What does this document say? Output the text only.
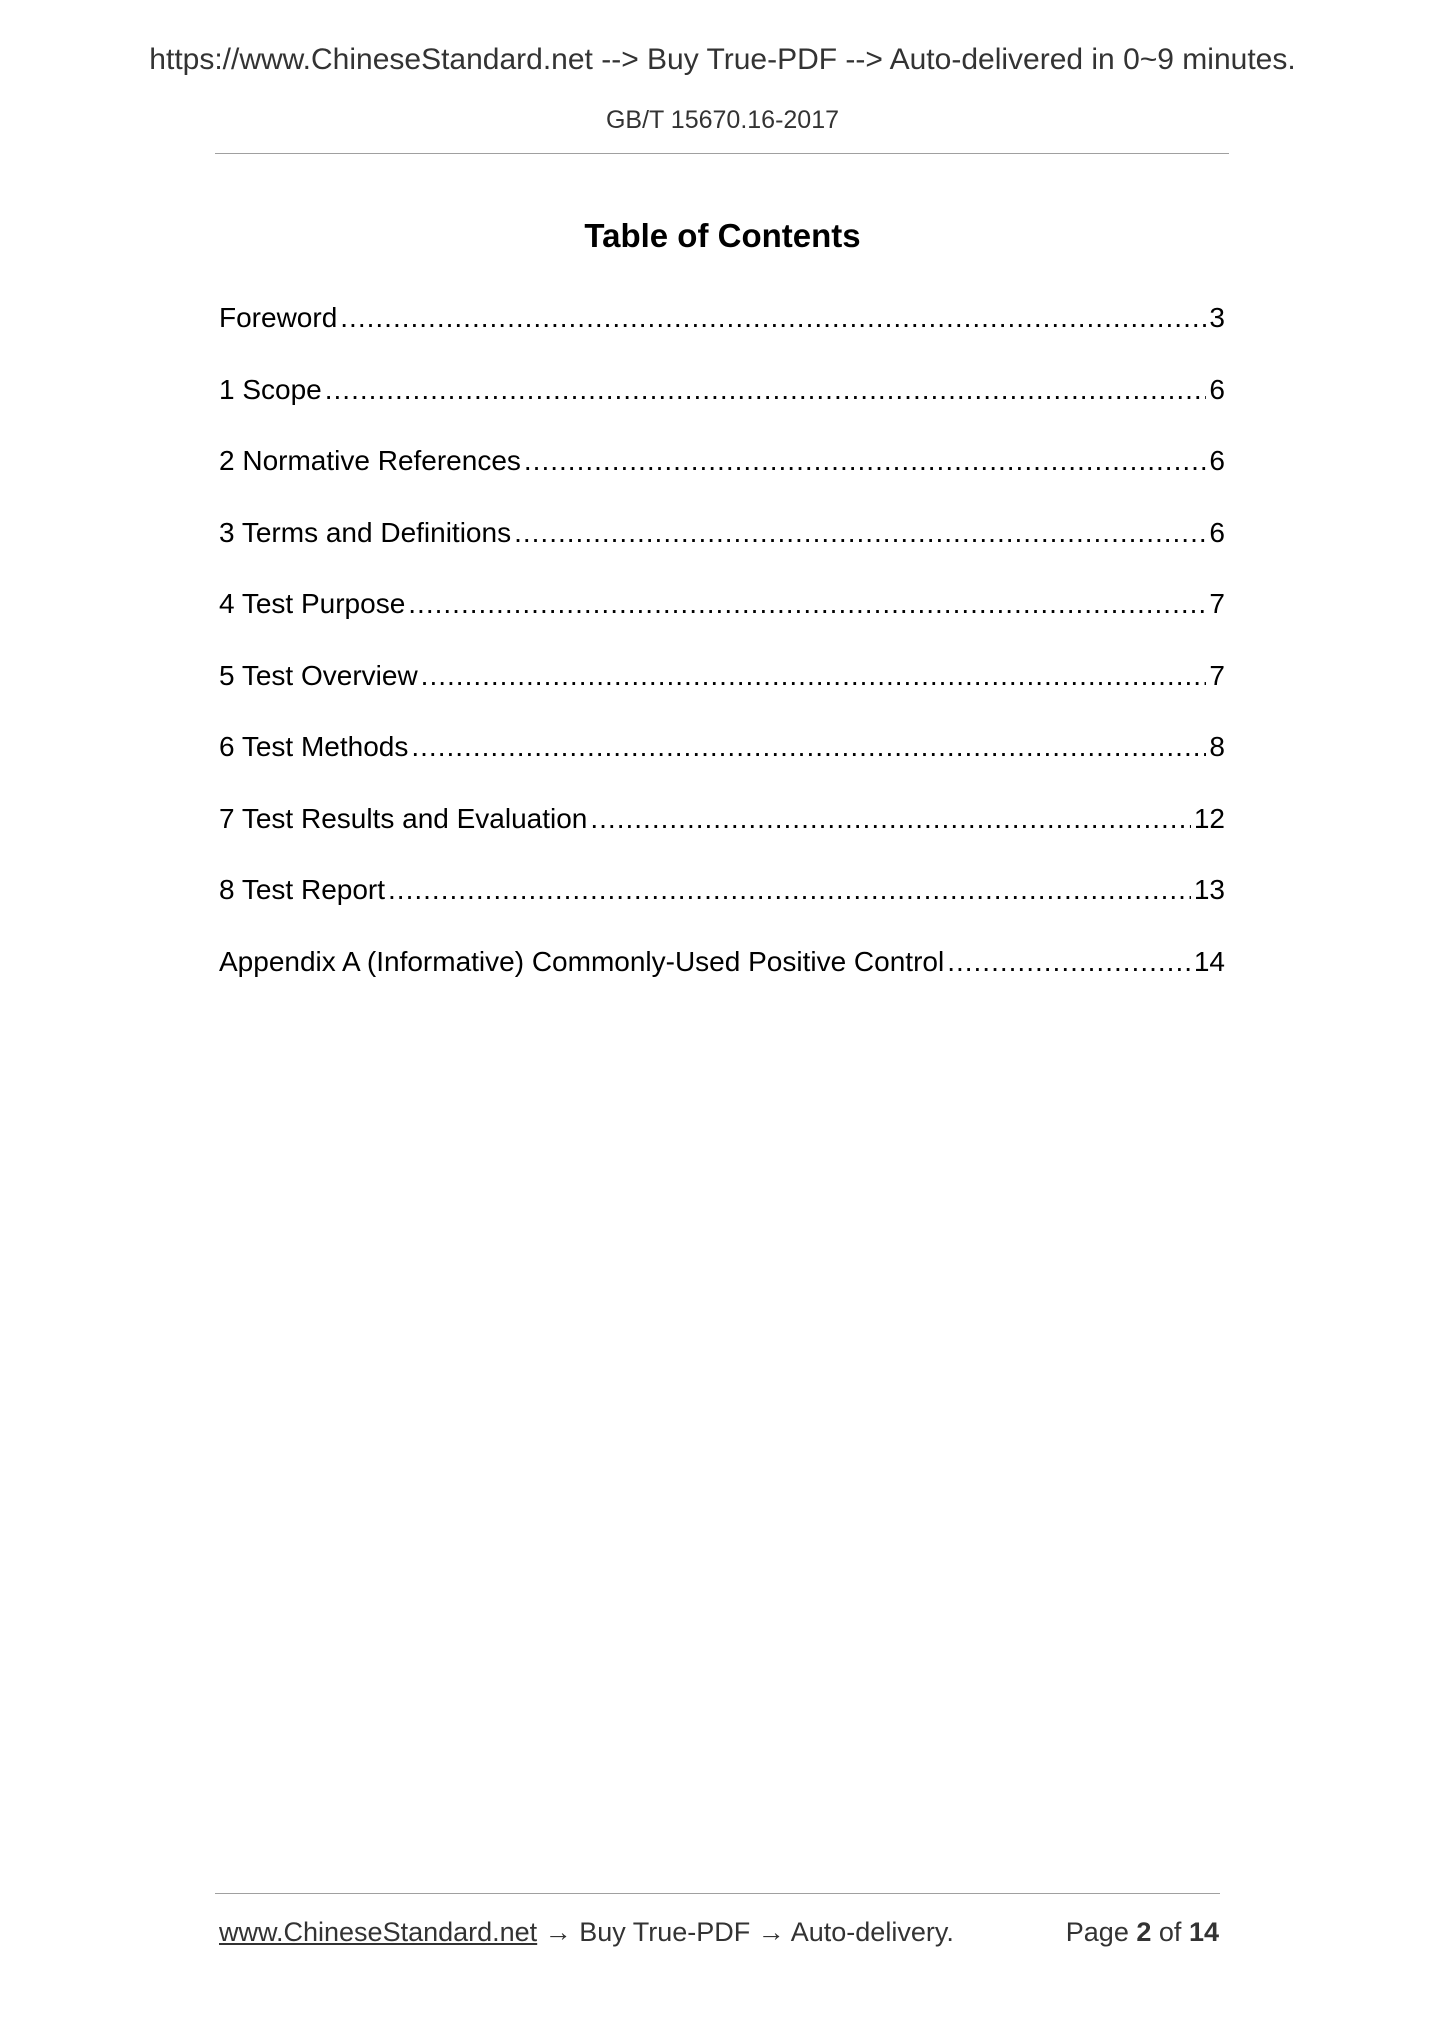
https://www.ChineseStandard.net --> Buy True-PDF --> Auto-delivered in 0~9 minutes.
GB/T 15670.16-2017
Table of Contents
Foreword .....	3
1 Scope .....	6
2 Normative References .....	6
3 Terms and Definitions .....	6
4 Test Purpose .....	7
5 Test Overview .....	7
6 Test Methods .....	8
7 Test Results and Evaluation .....	12
8 Test Report .....	13
Appendix A (Informative) Commonly-Used Positive Control .....	14
www.ChineseStandard.net → Buy True-PDF → Auto-delivery.	Page 2 of 14
